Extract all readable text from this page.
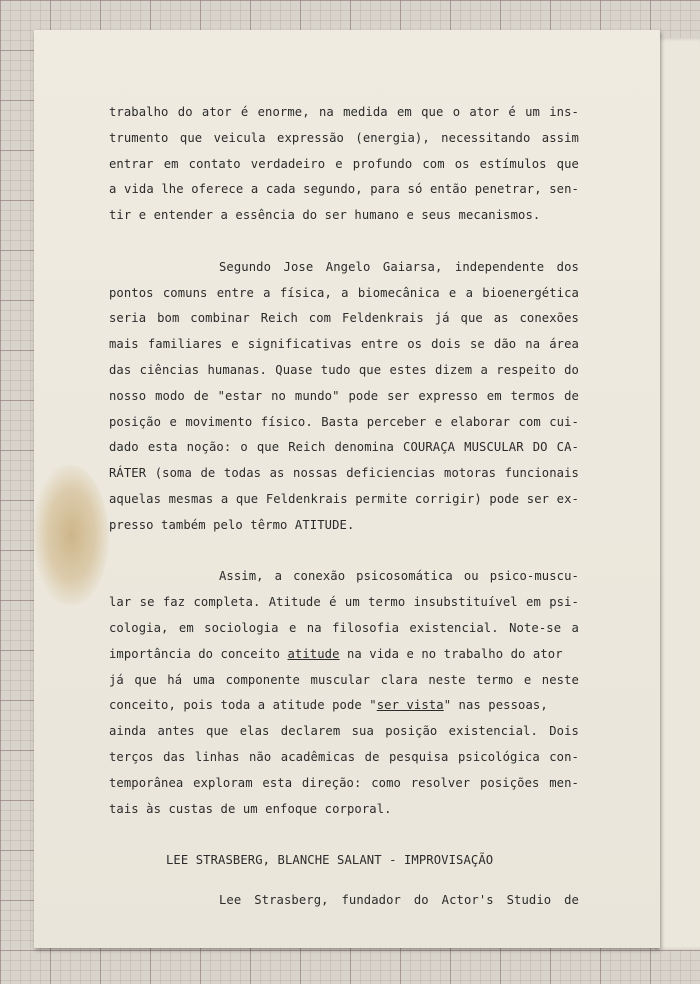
trabalho do ator é enorme, na medida em que o ator é um ins-
trumento que veicula expressão (energia), necessitando assim
entrar em contato verdadeiro e profundo com os estímulos que
a vida lhe oferece a cada segundo, para só então penetrar, sen-
tir e entender a essência do ser humano e seus mecanismos.
Segundo Jose Angelo Gaiarsa, independente dos
pontos comuns entre a física, a biomecânica e a bioenergética
seria bom combinar Reich com Feldenkrais já que as conexões
mais familiares e significativas entre os dois se dão na área
das ciências humanas. Quase tudo que estes dizem a respeito do
nosso modo de "estar no mundo" pode ser expresso em termos de
posição e movimento físico. Basta perceber e elaborar com cui-
dado esta noção: o que Reich denomina COURAÇA MUSCULAR DO CA-
RÁTER (soma de todas as nossas deficiencias motoras funcionais
aquelas mesmas a que Feldenkrais permite corrigir) pode ser ex-
presso também pelo têrmo ATITUDE.
Assim, a conexão psicosomática ou psico-muscu-
lar se faz completa. Atitude é um termo insubstituível em psi-
cologia, em sociologia e na filosofia existencial. Note-se a
importância do conceito atitude na vida e no trabalho do ator
já que há uma componente muscular clara neste termo e neste
conceito, pois toda a atitude pode "ser vista" nas pessoas,
ainda antes que elas declarem sua posição existencial. Dois
terços das linhas não acadêmicas de pesquisa psicológica con-
temporânea exploram esta direção: como resolver posições men-
tais às custas de um enfoque corporal.
LEE STRASBERG, BLANCHE SALANT - IMPROVISAÇÃO
Lee Strasberg, fundador do Actor's Studio de
